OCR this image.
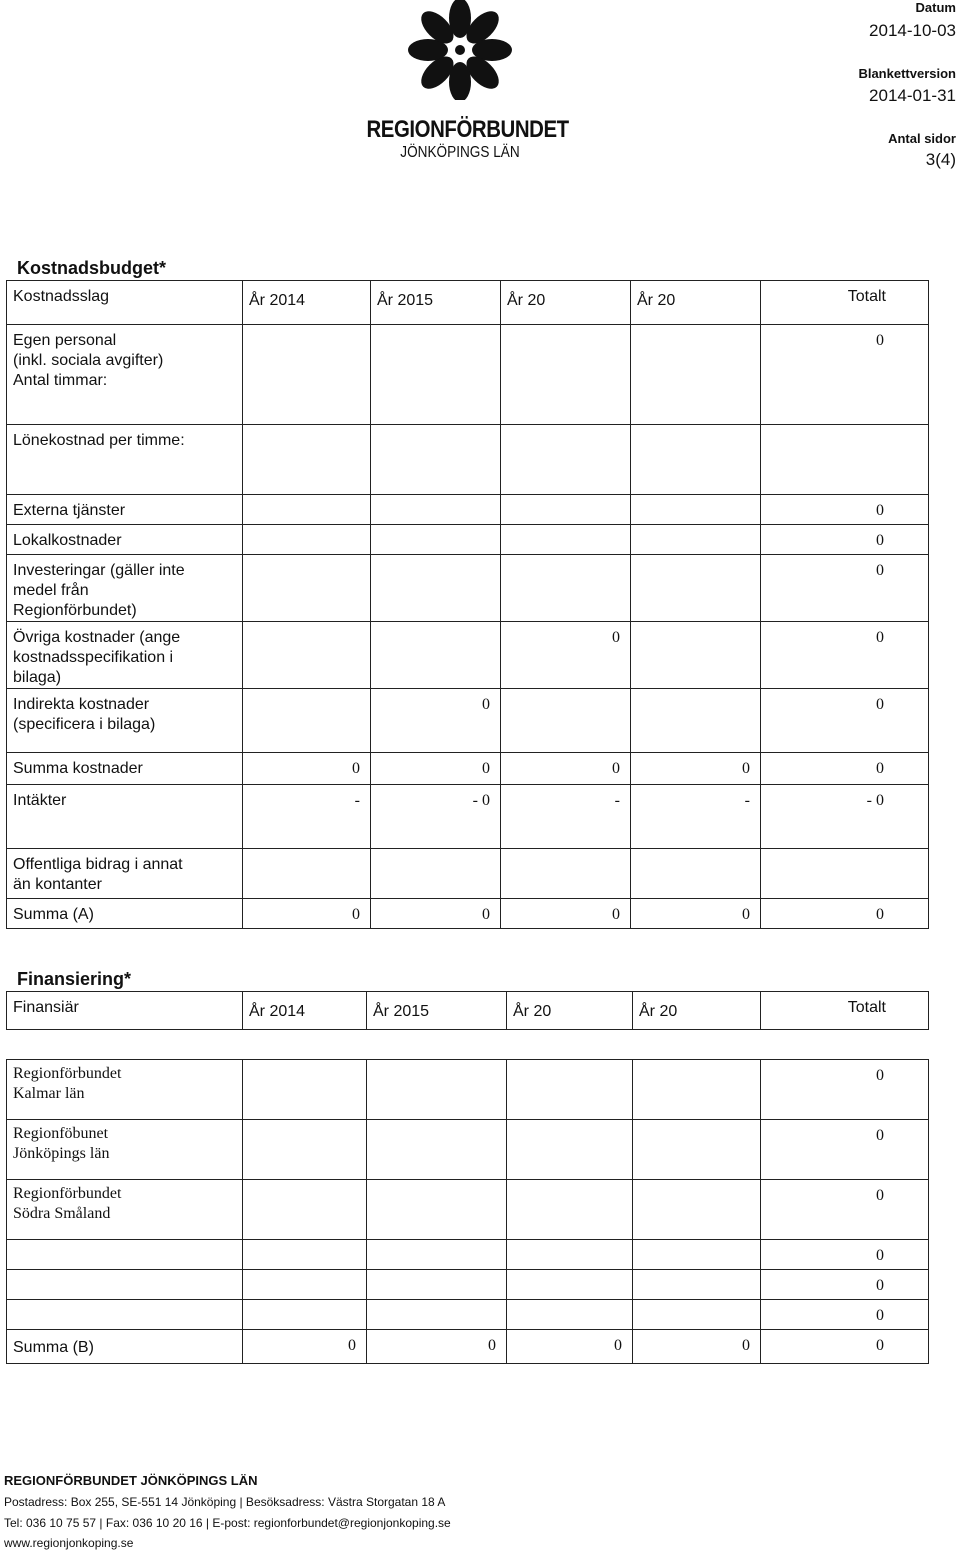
REGIONFÖRBUNDET
JÖNKÖPINGS LÄN
Datum
2014-10-03
Blankettversion
2014-01-31
Antal sidor
3(4)
Kostnadsbudget*
Kostnadsslag	År 2014	År 2015	År 20	År 20	Totalt
Egen personal
(inkl. sociala avgifter)
Antal timmar:					0
Lönekostnad per timme:					
Externa tjänster					0
Lokalkostnader					0
Investeringar (gäller inte
medel från
Regionförbundet)					0
Övriga kostnader (ange
kostnadsspecifikation i
bilaga)			0		0
Indirekta kostnader
(specificera i bilaga)		0			0
Summa kostnader	0	0	0	0	0
Intäkter	-	- 0	-	-	- 0
Offentliga bidrag i annat
än kontanter					
Summa (A)	0	0	0	0	0
Finansiering*
Finansiär	År 2014	År 2015	År 20	År 20	Totalt
Regionförbundet
Kalmar län					0
Regionföbunet
Jönköpings län					0
Regionförbundet
Södra Småland					0
					0
					0
					0
Summa (B)	0	0	0	0	0
REGIONFÖRBUNDET JÖNKÖPINGS LÄN
Postadress: Box 255, SE-551 14 Jönköping | Besöksadress: Västra Storgatan 18 A
Tel: 036 10 75 57 | Fax: 036 10 20 16 | E-post: regionforbundet@regionjonkoping.se
www.regionjonkoping.se
